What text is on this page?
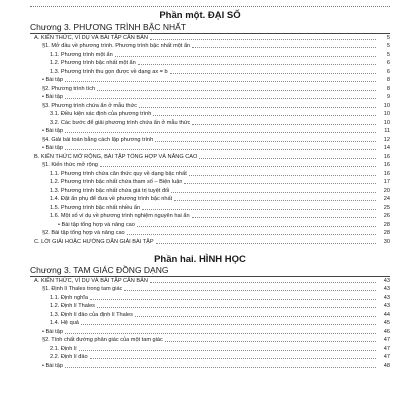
Phần một. ĐẠI SỐ
Chương 3. PHƯƠNG TRÌNH BẬC NHẤT
A. KIẾN THỨC, VÍ DỤ VÀ BÀI TẬP CĂN BẢN	5
§1. Mở đầu về phương trình. Phương trình bậc nhất một ẩn	5
1.1. Phương trình một ẩn	5
1.2. Phương trình bậc nhất một ẩn	6
1.3. Phương trình thu gọn được về dạng ax = b	6
• Bài tập	8
§2. Phương trình tích	8
• Bài tập	9
§3. Phương trình chứa ẩn ở mẫu thức	10
3.1. Điều kiện xác định của phương trình	10
3.2. Các bước để giải phương trình chứa ẩn ở mẫu thức	10
• Bài tập	11
§4. Giải bài toán bằng cách lập phương trình	12
• Bài tập	14
B. KIẾN THỨC MỞ RỘNG, BÀI TẬP TỔNG HỢP VÀ NÂNG CAO	16
§1. Kiến thức mở rộng	16
1.1. Phương trình chứa căn thức quy về dạng bậc nhất	16
1.2. Phương trình bậc nhất chứa tham số – Biện luận	17
1.3. Phương trình bậc nhất chứa giá trị tuyệt đối	20
1.4. Đặt ẩn phụ để đưa về phương trình bậc nhất	24
1.5. Phương trình bậc nhất nhiều ẩn	25
1.6. Một số ví dụ về phương trình nghiệm nguyên hai ẩn	26
• Bài tập tổng hợp và nâng cao	28
§2. Bài tập tổng hợp và nâng cao	28
C. LỜI GIẢI HOẶC HƯỚNG DẪN GIẢI BÀI TẬP	30
Phần hai. HÌNH HỌC
Chương 3. TAM GIÁC ĐỒNG DẠNG
A. KIẾN THỨC, VÍ DỤ VÀ BÀI TẬP CĂN BẢN	43
§1. Định lí Thales trong tam giác	43
1.1. Định nghĩa	43
1.2. Định lí Thales	43
1.3. Định lí đảo của định lí Thales	44
1.4. Hệ quả	45
• Bài tập	46
§2. Tính chất đường phân giác của một tam giác	47
2.1. Định lí	47
2.2. Định lí đảo	47
• Bài tập	48
